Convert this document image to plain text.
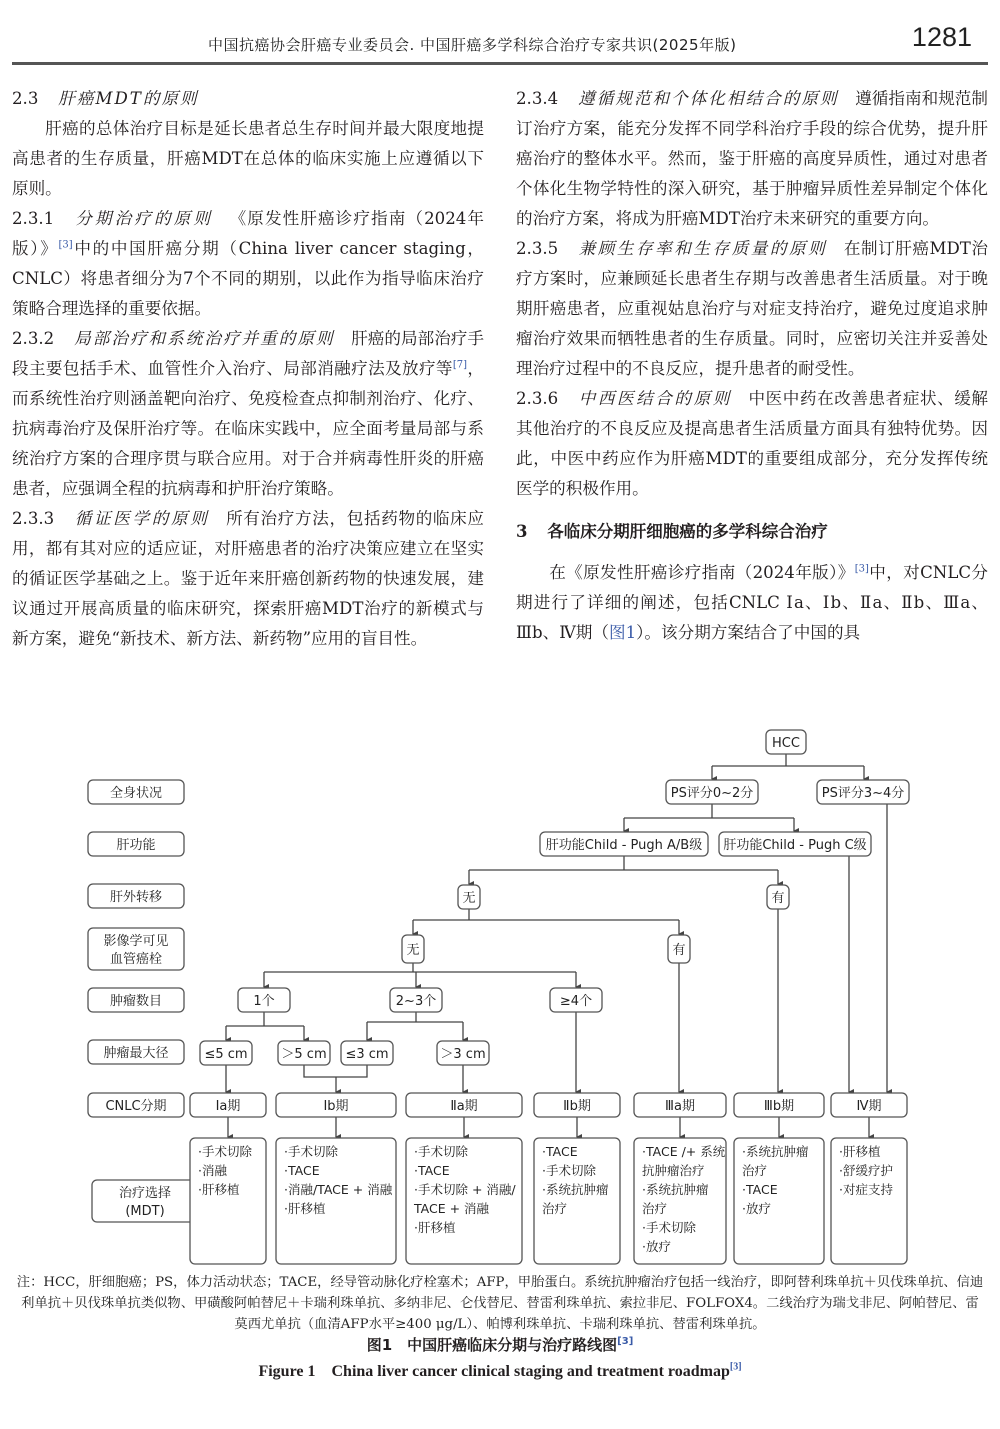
中国抗癌协会肝癌专业委员会. 中国肝癌多学科综合治疗专家共识(2025年版)	1281

2.3 肝癌MDT的原则

肝癌的总体治疗目标是延长患者总生存时间并最大限度地提高患者的生存质量，肝癌MDT在总体的临床实施上应遵循以下原则。

2.3.1 分期治疗的原则 《原发性肝癌诊疗指南（2024年版）》[3]中的中国肝癌分期（China liver cancer staging，CNLC）将患者细分为7个不同的期别，以此作为指导临床治疗策略合理选择的重要依据。

2.3.2 局部治疗和系统治疗并重的原则 肝癌的局部治疗手段主要包括手术、血管性介入治疗、局部消融疗法及放疗等[7]，而系统性治疗则涵盖靶向治疗、免疫检查点抑制剂治疗、化疗、抗病毒治疗及保肝治疗等。在临床实践中，应全面考量局部与系统治疗方案的合理序贯与联合应用。对于合并病毒性肝炎的肝癌患者，应强调全程的抗病毒和护肝治疗策略。

2.3.3 循证医学的原则 所有治疗方法，包括药物的临床应用，都有其对应的适应证，对肝癌患者的治疗决策应建立在坚实的循证医学基础之上。鉴于近年来肝癌创新药物的快速发展，建议通过开展高质量的临床研究，探索肝癌MDT治疗的新模式与新方案，避免“新技术、新方法、新药物”应用的盲目性。

2.3.4 遵循规范和个体化相结合的原则 遵循指南和规范制订治疗方案，能充分发挥不同学科治疗手段的综合优势，提升肝癌治疗的整体水平。然而，鉴于肝癌的高度异质性，通过对患者个体化生物学特性的深入研究，基于肿瘤异质性差异制定个体化的治疗方案，将成为肝癌MDT治疗未来研究的重要方向。

2.3.5 兼顾生存率和生存质量的原则 在制订肝癌MDT治疗方案时，应兼顾延长患者生存期与改善患者生活质量。对于晚期肝癌患者，应重视姑息治疗与对症支持治疗，避免过度追求肿瘤治疗效果而牺牲患者的生存质量。同时，应密切关注并妥善处理治疗过程中的不良反应，提升患者的耐受性。

2.3.6 中西医结合的原则 中医中药在改善患者症状、缓解其他治疗的不良反应及提高患者生活质量方面具有独特优势。因此，中医中药应作为肝癌MDT的重要组成部分，充分发挥传统医学的积极作用。

3 各临床分期肝细胞癌的多学科综合治疗

在《原发性肝癌诊疗指南（2024年版）》[3]中，对CNLC分期进行了详细的阐述，包括CNLC Ⅰa、Ⅰb、Ⅱa、Ⅱb、Ⅲa、Ⅲb、Ⅳ期（图1）。该分期方案结合了中国的具

全身状况
肝功能
肝外转移
影像学可见
血管癌栓
肿瘤数目
肿瘤最大径
CNLC分期
治疗选择
(MDT)
HCC
PS评分0~2分	PS评分3~4分
肝功能Child - Pugh A/B级 肝功能Child - Pugh C级
无	有
无	有
1个	2~3个	≥4个
≤5 cm	＞5 cm ≤3 cm	＞3 cm
Ⅰa期	Ⅰb期	Ⅱa期	Ⅱb期	Ⅲa期	Ⅲb期	Ⅳ期
·手术切除
·消融
·肝移植
·手术切除
·TACE
·消融/TACE + 消融
·肝移植
·手术切除
·TACE
·手术切除 + 消融/
TACE + 消融
·肝移植
·TACE
·手术切除
·系统抗肿瘤
治疗
·TACE /+ 系统
抗肿瘤治疗
·系统抗肿瘤
治疗
·手术切除
·放疗
·系统抗肿瘤
治疗
·TACE
·放疗
·肝移植
·舒缓疗护
·对症支持
注：HCC，肝细胞癌；PS，体力活动状态；TACE，经导管动脉化疗栓塞术；AFP，甲胎蛋白。系统抗肿瘤治疗包括一线治疗，即阿替利珠单抗＋贝伐珠单抗、信迪利单抗＋贝伐珠单抗类似物、甲磺酸阿帕替尼＋卡瑞利珠单抗、多纳非尼、仑伐替尼、替雷利珠单抗、索拉非尼、FOLFOX4。二线治疗为瑞戈非尼、阿帕替尼、雷莫西尤单抗（血清AFP水平≥400 μg/L）、帕博利珠单抗、卡瑞利珠单抗、替雷利珠单抗。
图1　中国肝癌临床分期与治疗路线图[3]
Figure 1　China liver cancer clinical staging and treatment roadmap[3]
